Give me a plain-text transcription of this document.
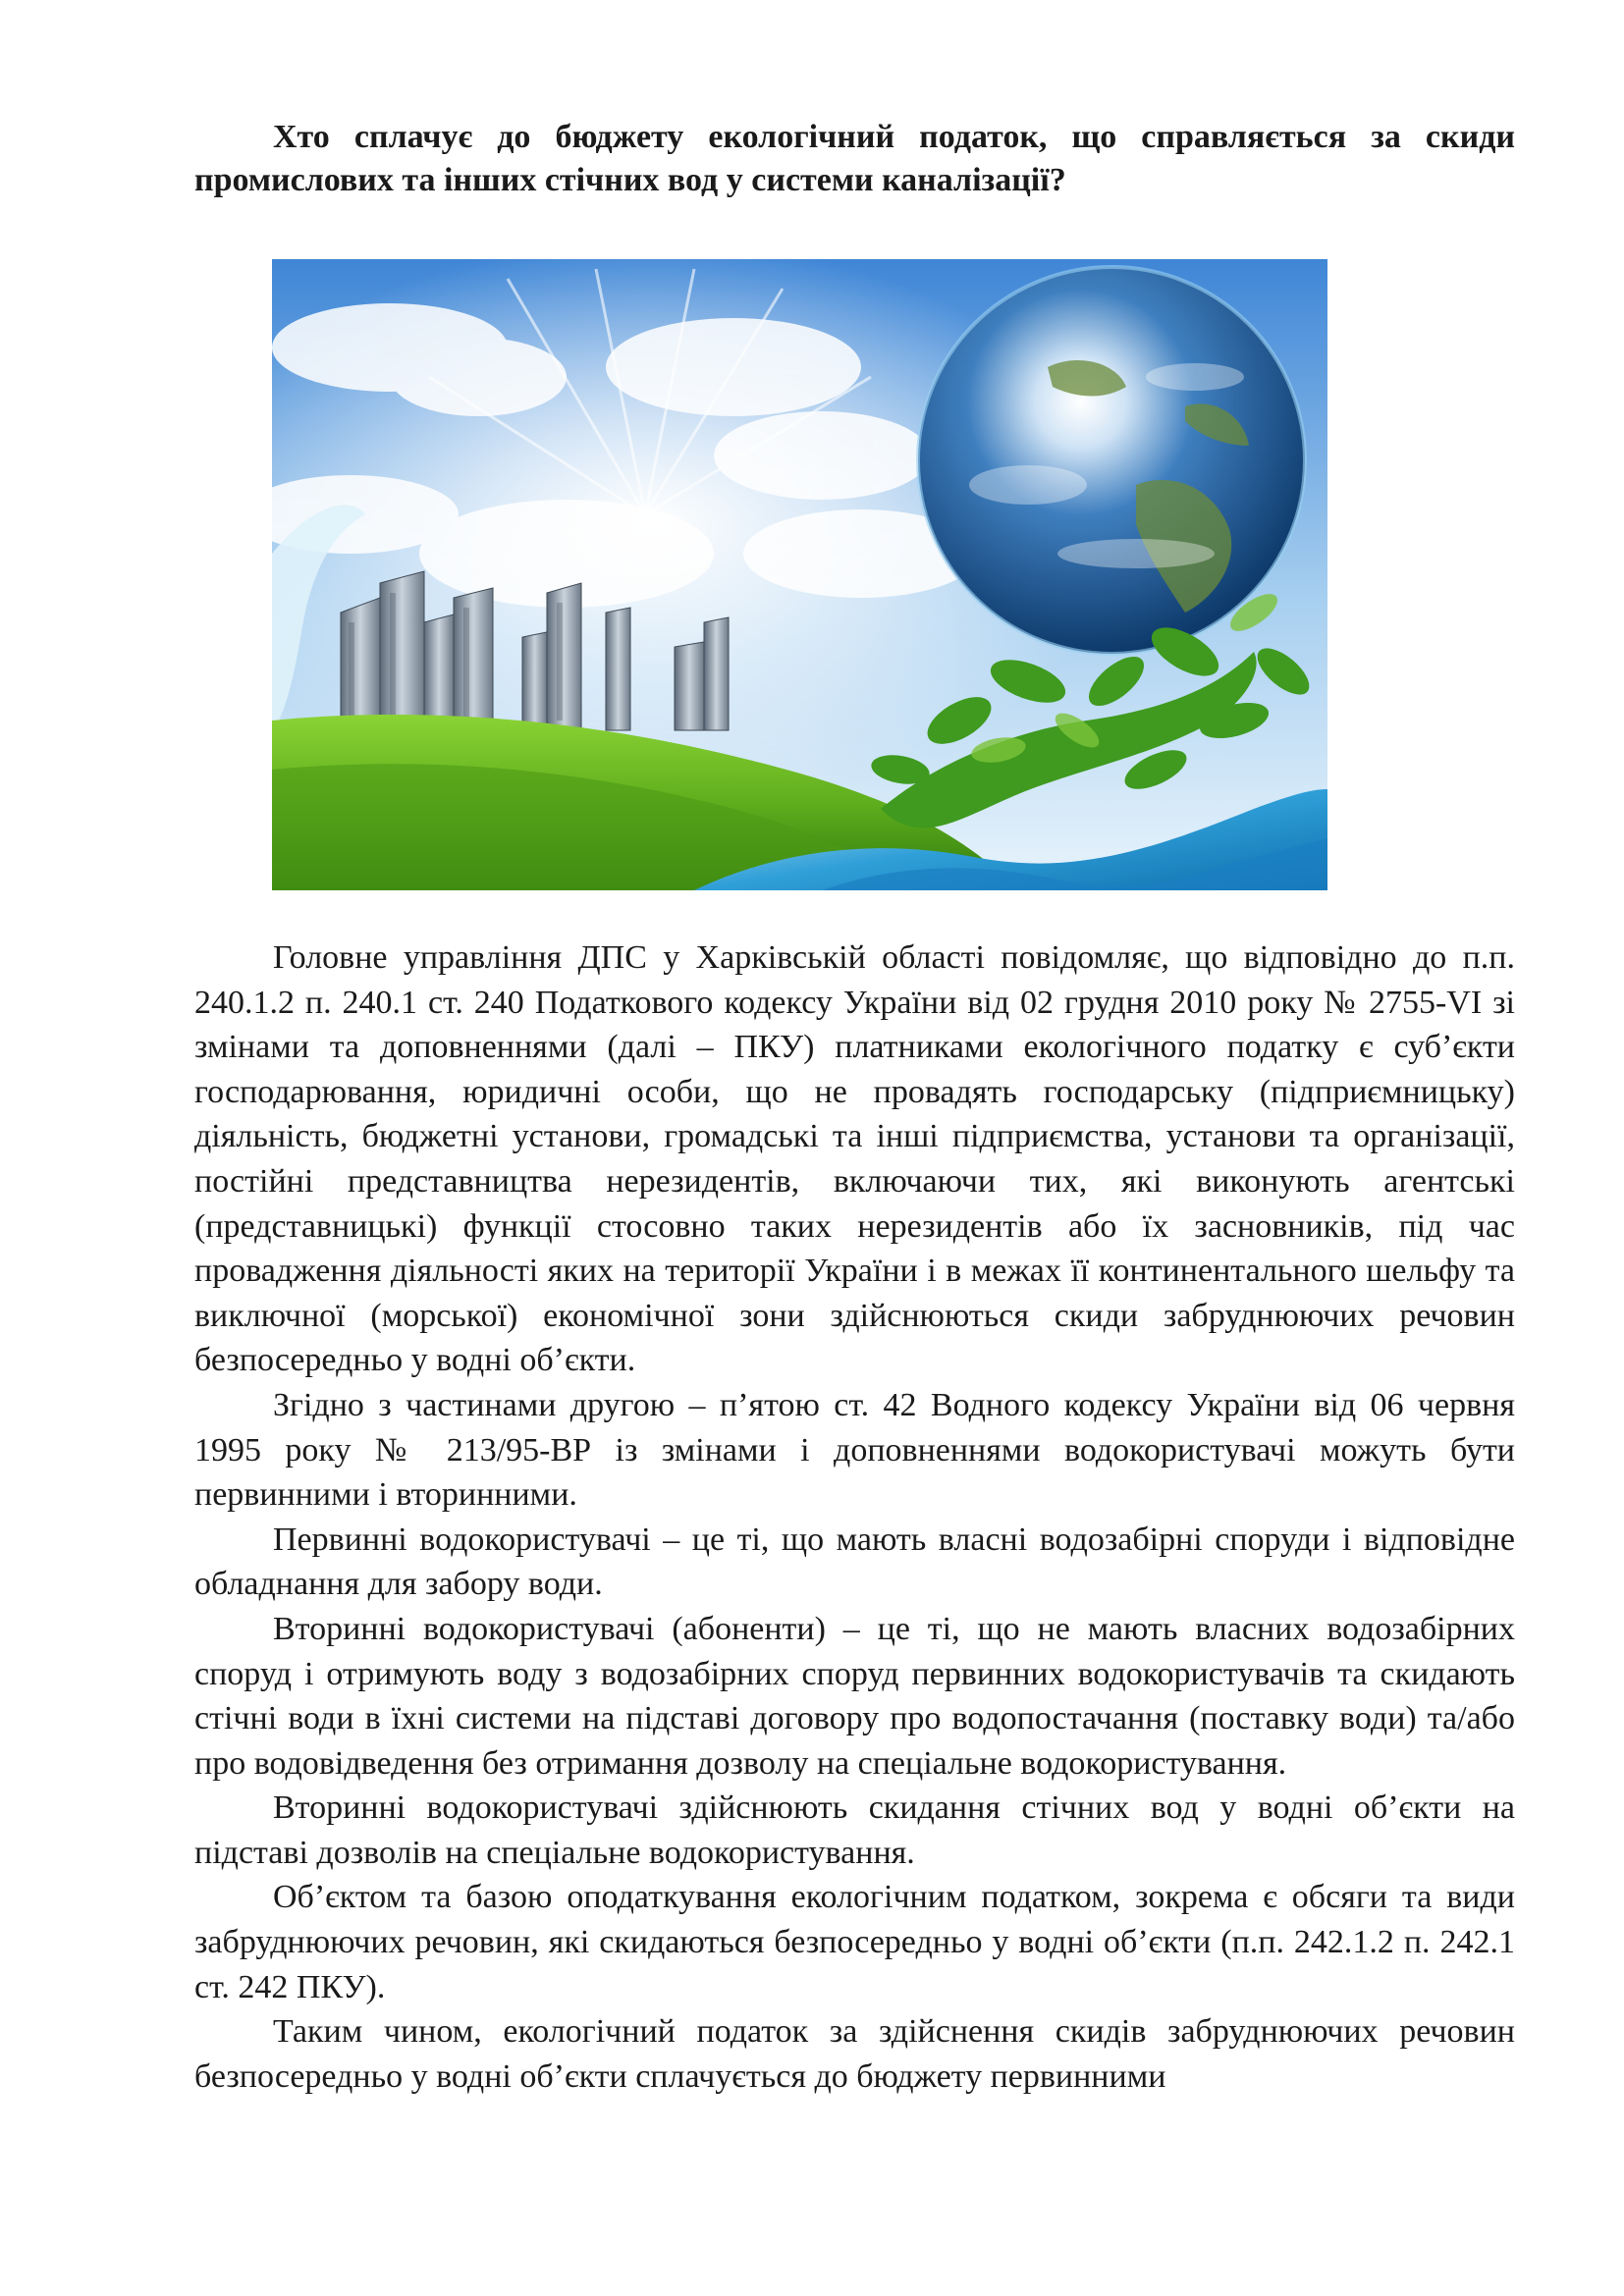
Хто сплачує до бюджету екологічний податок, що справляється за скиди промислових та інших стічних вод у системи каналізації?

Головне управління ДПС у Харківській області повідомляє, що відповідно до п.п. 240.1.2 п. 240.1 ст. 240 Податкового кодексу України від 02 грудня 2010 року № 2755-VI зі змінами та доповненнями (далі – ПКУ) платниками екологічного податку є суб’єкти господарювання, юридичні особи, що не провадять господарську (підприємницьку) діяльність, бюджетні установи, громадські та інші підприємства, установи та організації, постійні представництва нерезидентів, включаючи тих, які виконують агентські (представницькі) функції стосовно таких нерезидентів або їх засновників, під час провадження діяльності яких на території України і в межах її континентального шельфу та виключної (морської) економічної зони здійснюються скиди забруднюючих речовин безпосередньо у водні об’єкти.

Згідно з частинами другою – п’ятою ст. 42 Водного кодексу України від 06 червня 1995 року № 213/95-ВР із змінами і доповненнями водокористувачі можуть бути первинними і вторинними.

Первинні водокористувачі – це ті, що мають власні водозабірні споруди і відповідне обладнання для забору води.

Вторинні водокористувачі (абоненти) – це ті, що не мають власних водозабірних споруд і отримують воду з водозабірних споруд первинних водокористувачів та скидають стічні води в їхні системи на підставі договору про водопостачання (поставку води) та/або про водовідведення без отримання дозволу на спеціальне водокористування.

Вторинні водокористувачі здійснюють скидання стічних вод у водні об’єкти на підставі дозволів на спеціальне водокористування.

Об’єктом та базою оподаткування екологічним податком, зокрема є обсяги та види забруднюючих речовин, які скидаються безпосередньо у водні об’єкти (п.п. 242.1.2 п. 242.1 ст. 242 ПКУ).

Таким чином, екологічний податок за здійснення скидів забруднюючих речовин безпосередньо у водні об’єкти сплачується до бюджету первинними
